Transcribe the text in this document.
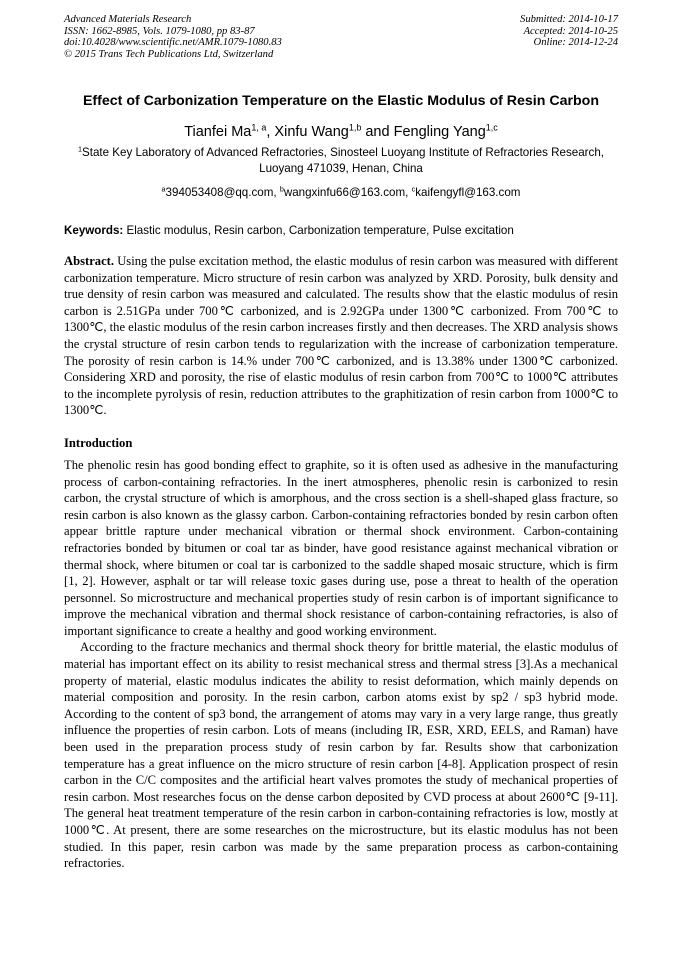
Advanced Materials Research
ISSN: 1662-8985, Vols. 1079-1080, pp 83-87
doi:10.4028/www.scientific.net/AMR.1079-1080.83
© 2015 Trans Tech Publications Ltd, Switzerland
Submitted: 2014-10-17
Accepted: 2014-10-25
Online: 2014-12-24
Effect of Carbonization Temperature on the Elastic Modulus of Resin Carbon
Tianfei Ma$^{1, a}$, Xinfu Wang$^{1,b}$ and Fengling Yang$^{1,c}$
$^1$State Key Laboratory of Advanced Refractories, Sinosteel Luoyang Institute of Refractories Research, Luoyang 471039, Henan, China
$^a$394053408@qq.com, $^b$wangxinfu66@163.com, $^c$kaifengyfl@163.com
Keywords: Elastic modulus, Resin carbon, Carbonization temperature, Pulse excitation

Abstract. Using the pulse excitation method, the elastic modulus of resin carbon was measured with different carbonization temperature. Micro structure of resin carbon was analyzed by XRD. Porosity, bulk density and true density of resin carbon was measured and calculated. The results show that the elastic modulus of resin carbon is 2.51GPa under 700℃ carbonized, and is 2.92GPa under 1300℃ carbonized. From 700℃ to 1300℃, the elastic modulus of the resin carbon increases firstly and then decreases. The XRD analysis shows the crystal structure of resin carbon tends to regularization with the increase of carbonization temperature. The porosity of resin carbon is 14.% under 700℃ carbonized, and is 13.38% under 1300℃ carbonized. Considering XRD and porosity, the rise of elastic modulus of resin carbon from 700℃ to 1000℃ attributes to the incomplete pyrolysis of resin, reduction attributes to the graphitization of resin carbon from 1000℃ to 1300℃.

Introduction

The phenolic resin has good bonding effect to graphite, so it is often used as adhesive in the manufacturing process of carbon-containing refractories. In the inert atmospheres, phenolic resin is carbonized to resin carbon, the crystal structure of which is amorphous, and the cross section is a shell-shaped glass fracture, so resin carbon is also known as the glassy carbon. Carbon-containing refractories bonded by resin carbon often appear brittle rapture under mechanical vibration or thermal shock environment. Carbon-containing refractories bonded by bitumen or coal tar as binder, have good resistance against mechanical vibration or thermal shock, where bitumen or coal tar is carbonized to the saddle shaped mosaic structure, which is firm [1, 2]. However, asphalt or tar will release toxic gases during use, pose a threat to health of the operation personnel. So microstructure and mechanical properties study of resin carbon is of important significance to improve the mechanical vibration and thermal shock resistance of carbon-containing refractories, is also of important significance to create a healthy and good working environment.

According to the fracture mechanics and thermal shock theory for brittle material, the elastic modulus of material has important effect on its ability to resist mechanical stress and thermal stress [3].As a mechanical property of material, elastic modulus indicates the ability to resist deformation, which mainly depends on material composition and porosity. In the resin carbon, carbon atoms exist by sp2 / sp3 hybrid mode. According to the content of sp3 bond, the arrangement of atoms may vary in a very large range, thus greatly influence the properties of resin carbon. Lots of means (including IR, ESR, XRD, EELS, and Raman) have been used in the preparation process study of resin carbon by far. Results show that carbonization temperature has a great influence on the micro structure of resin carbon [4-8]. Application prospect of resin carbon in the C/C composites and the artificial heart valves promotes the study of mechanical properties of resin carbon. Most researches focus on the dense carbon deposited by CVD process at about 2600℃ [9-11]. The general heat treatment temperature of the resin carbon in carbon-containing refractories is low, mostly at 1000℃. At present, there are some researches on the microstructure, but its elastic modulus has not been studied. In this paper, resin carbon was made by the same preparation process as carbon-containing refractories.
